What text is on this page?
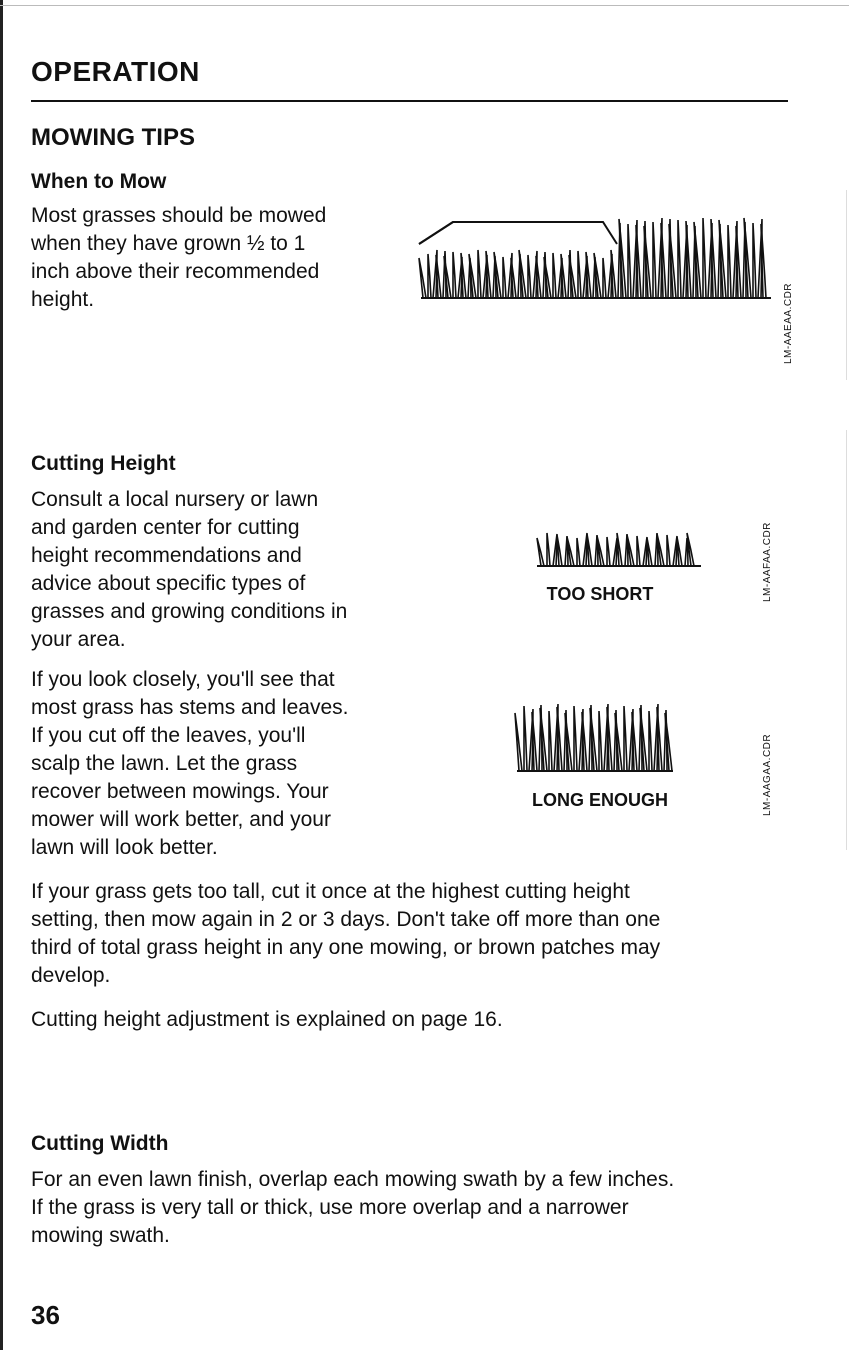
OPERATION
MOWING TIPS
When to Mow

Most grasses should be mowed

when they have grown ½ to 1

inch above their recommended

height.	LM-AAEAA.CDR
Cutting Height

Consult a local nursery or lawn

and garden center for cutting

height recommendations and

advice about specific types of

grasses and growing conditions in

your area.

If you look closely, you'll see that

most grass has stems and leaves.

If you cut off the leaves, you'll

scalp the lawn. Let the grass

recover between mowings. Your

mower will work better, and your

lawn will look better.

TOO SHORT	LM-AAFAA.CDR
LONG ENOUGH	LM-AAGAA.CDR

If your grass gets too tall, cut it once at the highest cutting height

setting, then mow again in 2 or 3 days. Don't take off more than one

third of total grass height in any one mowing, or brown patches may

develop.

Cutting height adjustment is explained on page 16.

Cutting Width

For an even lawn finish, overlap each mowing swath by a few inches.

If the grass is very tall or thick, use more overlap and a narrower

mowing swath.

36
